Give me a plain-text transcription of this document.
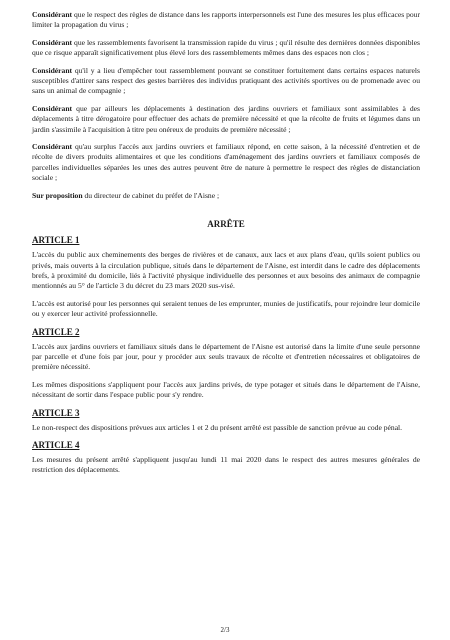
Considérant que le respect des règles de distance dans les rapports interpersonnels est l'une des mesures les plus efficaces pour limiter la propagation du virus ;

Considérant que les rassemblements favorisent la transmission rapide du virus ; qu'il résulte des dernières données disponibles que ce risque apparaît significativement plus élevé lors des rassemblements mêmes dans des espaces non clos ;

Considérant qu'il y a lieu d'empêcher tout rassemblement pouvant se constituer fortuitement dans certains espaces naturels susceptibles d'attirer sans respect des gestes barrières des individus pratiquant des activités sportives ou de promenade avec ou sans un animal de compagnie ;

Considérant que par ailleurs les déplacements à destination des jardins ouvriers et familiaux sont assimilables à des déplacements à titre dérogatoire pour effectuer des achats de première nécessité et que la récolte de fruits et légumes dans un jardin s'assimile à l'acquisition à titre peu onéreux de produits de première nécessité ;

Considérant qu'au surplus l'accès aux jardins ouvriers et familiaux répond, en cette saison, à la nécessité d'entretien et de récolte de divers produits alimentaires et que les conditions d'aménagement des jardins ouvriers et familiaux composés de parcelles individuelles séparées les unes des autres peuvent être de nature à permettre le respect des règles de distanciation sociale ;

Sur proposition du directeur de cabinet du préfet de l'Aisne ;

ARRÊTE
ARTICLE 1

L'accès du public aux cheminements des berges de rivières et de canaux, aux lacs et aux plans d'eau, qu'ils soient publics ou privés, mais ouverts à la circulation publique, situés dans le département de l'Aisne, est interdit dans le cadre des déplacements brefs, à proximité du domicile, liés à l'activité physique individuelle des personnes et aux besoins des animaux de compagnie mentionnés au 5° de l'article 3 du décret du 23 mars 2020 sus-visé.

L'accès est autorisé pour les personnes qui seraient tenues de les emprunter, munies de justificatifs, pour rejoindre leur domicile ou y exercer leur activité professionnelle.

ARTICLE 2

L'accès aux jardins ouvriers et familiaux situés dans le département de l'Aisne est autorisé dans la limite d'une seule personne par parcelle et d'une fois par jour, pour y procéder aux seuls travaux de récolte et d'entretien nécessaires et obligatoires de première nécessité.

Les mêmes dispositions s'appliquent pour l'accès aux jardins privés, de type potager et situés dans le département de l'Aisne, nécessitant de sortir dans l'espace public pour s'y rendre.

ARTICLE 3

Le non-respect des dispositions prévues aux articles 1 et 2 du présent arrêté est passible de sanction prévue au code pénal.

ARTICLE 4

Les mesures du présent arrêté s'appliquent jusqu'au lundi 11 mai 2020 dans le respect des autres mesures générales de restriction des déplacements.

2/3
